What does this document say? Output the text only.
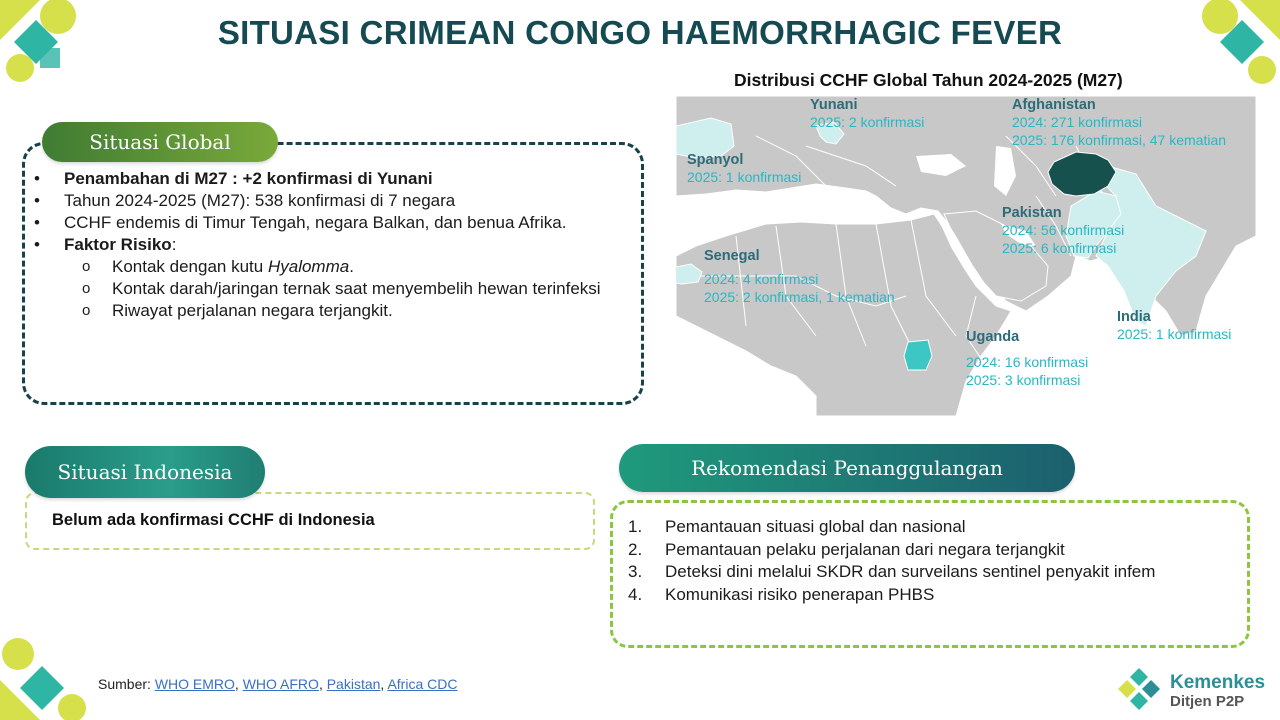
SITUASI CRIMEAN CONGO HAEMORRHAGIC FEVER
Distribusi CCHF Global Tahun 2024-2025 (M27)
Yunani
2025: 2 konfirmasi
Afghanistan
2024: 271 konfirmasi
2025: 176 konfirmasi, 47 kematian
Spanyol
2025: 1 konfirmasi
Pakistan
2024: 56 konfirmasi
2025: 6 konfirmasi
Senegal
2024: 4 konfirmasi
2025: 2 konfirmasi, 1 kematian
India
2025: 1 konfirmasi
Uganda
2024: 16 konfirmasi
2025: 3 konfirmasi
Situasi Global
• Penambahan di M27 : +2 konfirmasi di Yunani
• Tahun 2024-2025 (M27): 538 konfirmasi di 7 negara
• CCHF endemis di Timur Tengah, negara Balkan, dan benua Afrika.
• Faktor Risiko:
o Kontak dengan kutu Hyalomma.
o Kontak darah/jaringan ternak saat menyembelih hewan terinfeksi
o Riwayat perjalanan negara terjangkit.
Situasi Indonesia
Belum ada konfirmasi CCHF di Indonesia
Rekomendasi Penanggulangan
1. Pemantauan situasi global dan nasional
2. Pemantauan pelaku perjalanan dari negara terjangkit
3. Deteksi dini melalui SKDR dan surveilans sentinel penyakit infem
4. Komunikasi risiko penerapan PHBS
Sumber: WHO EMRO, WHO AFRO, Pakistan, Africa CDC	Kemenkes
Ditjen P2P
